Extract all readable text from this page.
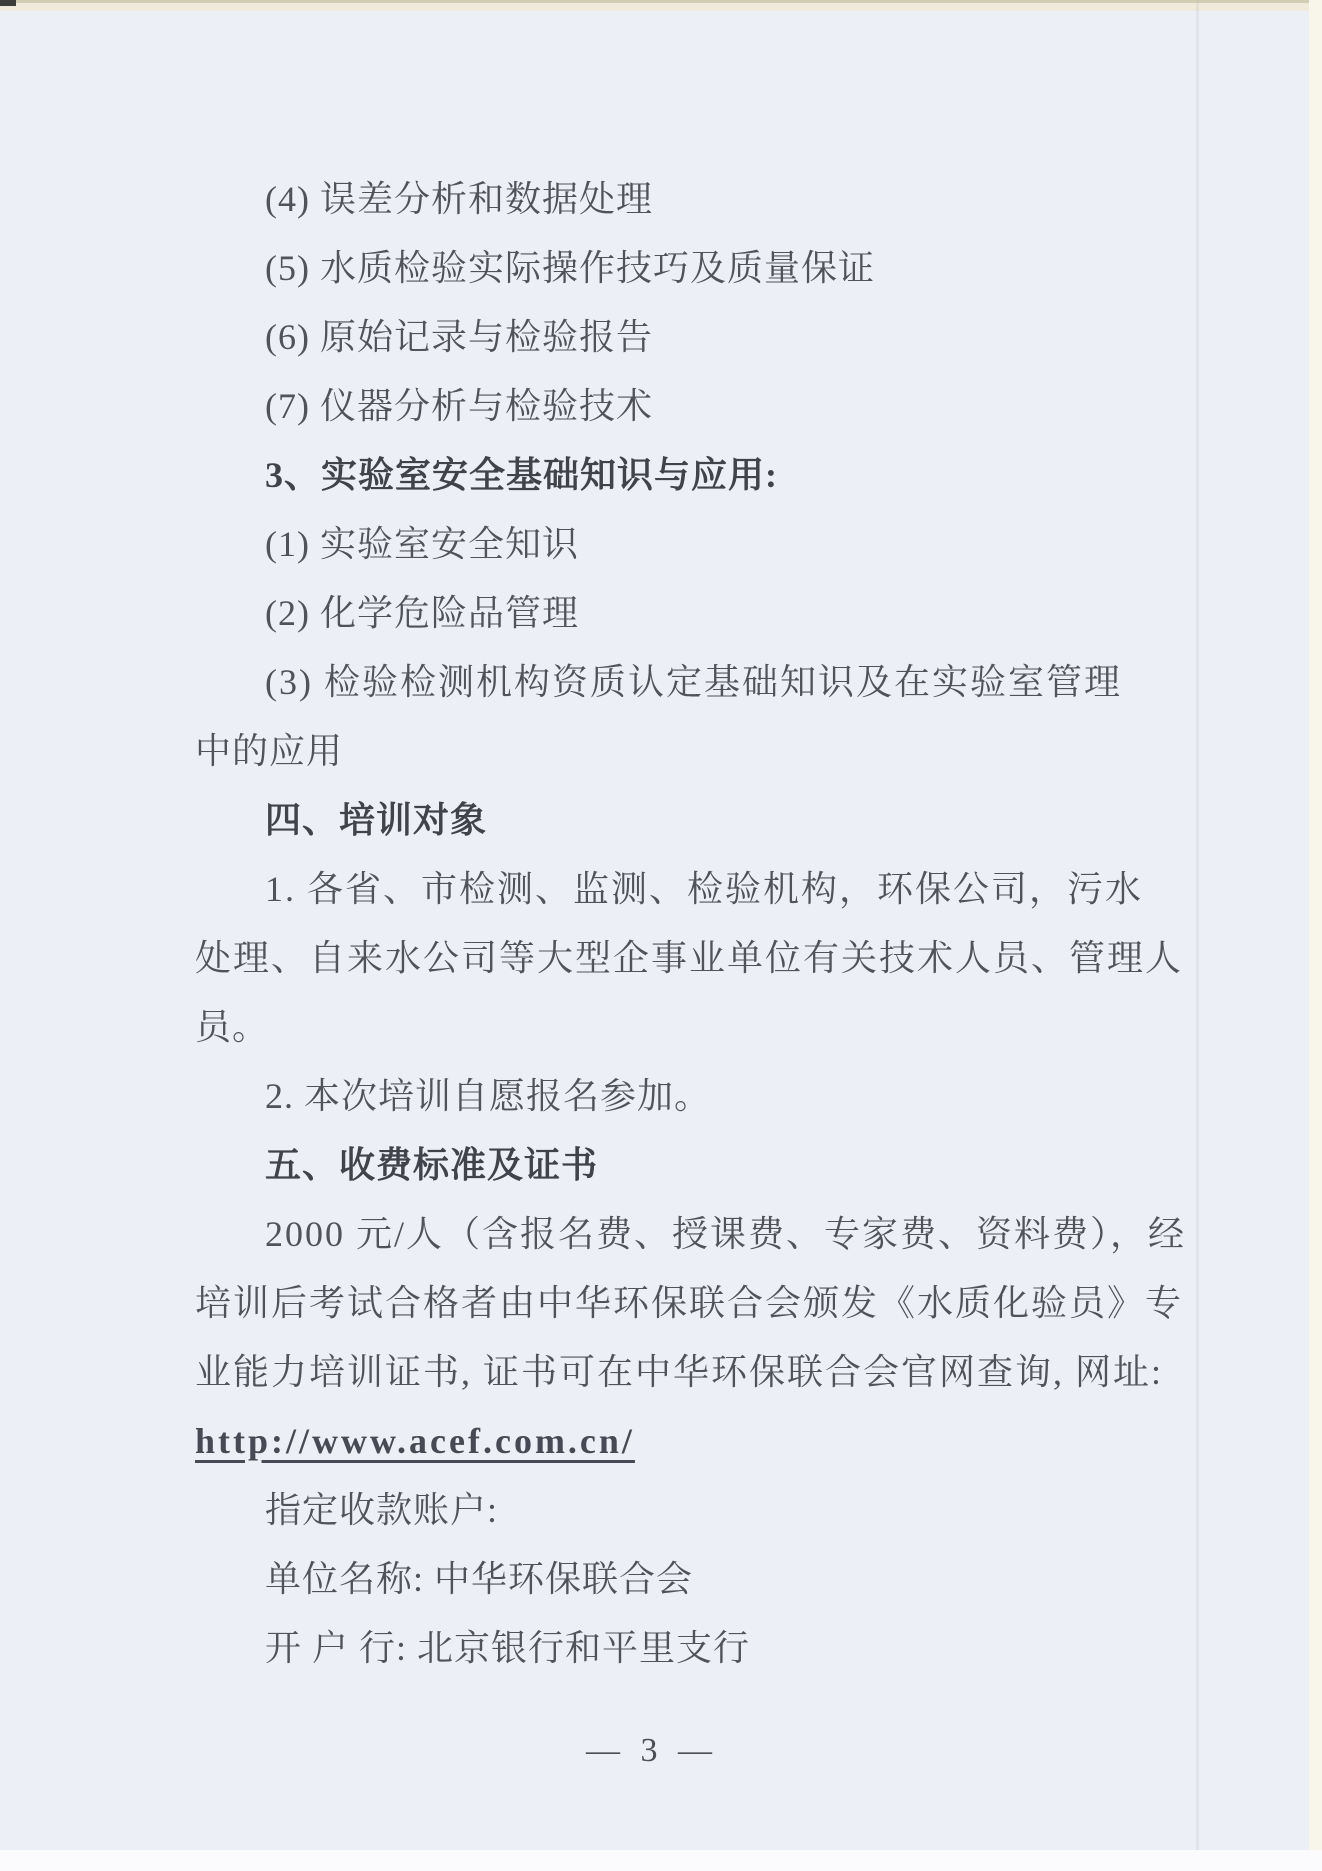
(4) 误差分析和数据处理
(5) 水质检验实际操作技巧及质量保证
(6) 原始记录与检验报告
(7) 仪器分析与检验技术
3、实验室安全基础知识与应用:
(1) 实验室安全知识
(2) 化学危险品管理
(3) 检验检测机构资质认定基础知识及在实验室管理
中的应用
四、培训对象
1. 各省、市检测、监测、检验机构，环保公司，污水
处理、自来水公司等大型企事业单位有关技术人员、管理人
员。
2. 本次培训自愿报名参加。
五、收费标准及证书
2000 元/人（含报名费、授课费、专家费、资料费），经
培训后考试合格者由中华环保联合会颁发《水质化验员》专
业能力培训证书, 证书可在中华环保联合会官网查询, 网址:
http://www.acef.com.cn/
指定收款账户:
单位名称: 中华环保联合会
开 户 行: 北京银行和平里支行
— 3 —
